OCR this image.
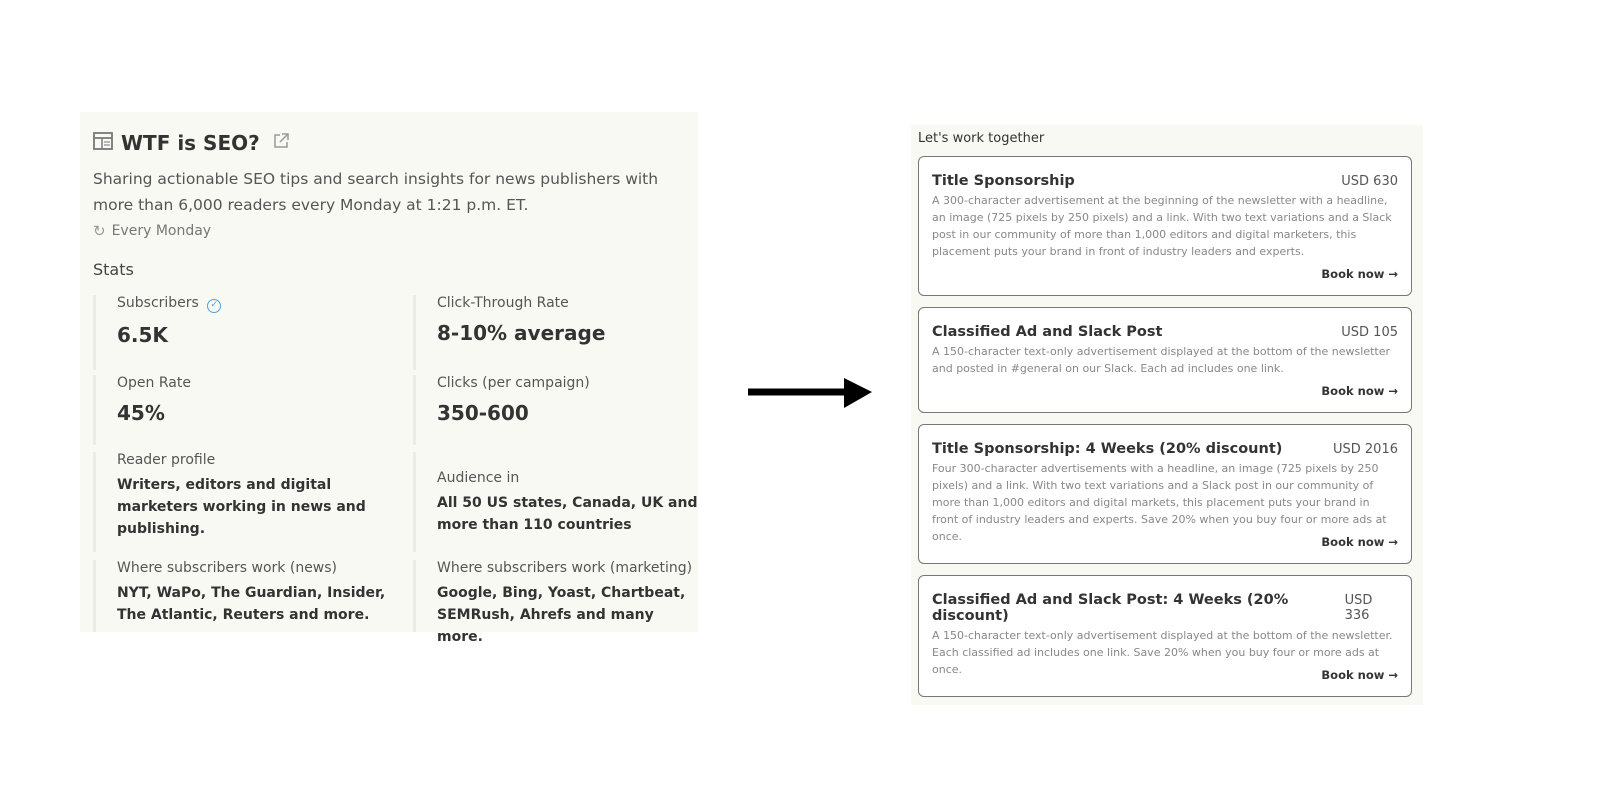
WTF is SEO?
Sharing actionable SEO tips and search insights for news publishers with more than 6,000 readers every Monday at 1:21 p.m. ET.
↻ Every Monday
Stats
Subscribers ✓
6.5K
Click-Through Rate
8-10% average
Open Rate
45%
Clicks (per campaign)
350-600
Reader profile
Writers, editors and digital marketers working in news and publishing.
Audience in
All 50 US states, Canada, UK and more than 110 countries
Where subscribers work (news)
NYT, WaPo, The Guardian, Insider, The Atlantic, Reuters and more.
Where subscribers work (marketing)
Google, Bing, Yoast, Chartbeat, SEMRush, Ahrefs and many more.
Let's work together
Title Sponsorship	USD 630
A 300-character advertisement at the beginning of the newsletter with a headline, an image (725 pixels by 250 pixels) and a link. With two text variations and a Slack post in our community of more than 1,000 editors and digital marketers, this placement puts your brand in front of industry leaders and experts.
Book now →
Classified Ad and Slack Post	USD 105
A 150-character text-only advertisement displayed at the bottom of the newsletter and posted in #general on our Slack. Each ad includes one link.
Book now →
Title Sponsorship: 4 Weeks (20% discount)	USD 2016
Four 300-character advertisements with a headline, an image (725 pixels by 250 pixels) and a link. With two text variations and a Slack post in our community of more than 1,000 editors and digital markets, this placement puts your brand in front of industry leaders and experts. Save 20% when you buy four or more ads at once.	Book now →
Classified Ad and Slack Post: 4 Weeks (20% discount)
USD 336
A 150-character text-only advertisement displayed at the bottom of the newsletter. Each classified ad includes one link. Save 20% when you buy four or more ads at once.	Book now →
